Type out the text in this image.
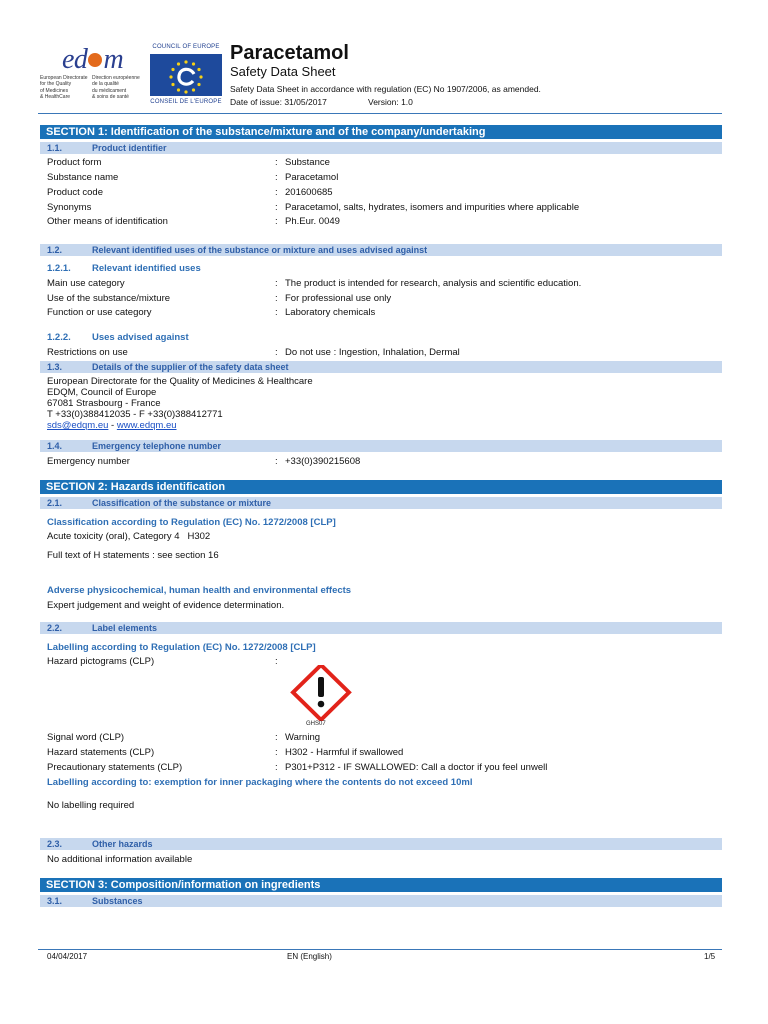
ed m
European Directorate
for the Quality
of Medicines
& HealthCare
Direction européenne
de la qualité
du médicament
& soins de santé
COUNCIL OF EUROPE
CONSEIL DE L'EUROPE
Paracetamol
Safety Data Sheet
Safety Data Sheet in accordance with regulation (EC) No 1907/2006, as amended.
Date of issue: 31/05/2017	Version: 1.0
SECTION 1: Identification of the substance/mixture and of the company/undertaking
1.1.	Product identifier
Product form	: Substance
Substance name	: Paracetamol
Product code	: 201600685
Synonyms	: Paracetamol, salts, hydrates, isomers and impurities where applicable
Other means of identification	: Ph.Eur. 0049
1.2.	Relevant identified uses of the substance or mixture and uses advised against
1.2.1. Relevant identified uses
Main use category	: The product is intended for research, analysis and scientific education.
Use of the substance/mixture	: For professional use only
Function or use category	: Laboratory chemicals
1.2.2. Uses advised against
Restrictions on use	: Do not use : Ingestion, Inhalation, Dermal
1.3.	Details of the supplier of the safety data sheet
European Directorate for the Quality of Medicines & Healthcare
EDQM, Council of Europe
67081 Strasbourg - France
T +33(0)388412035 - F +33(0)388412771
sds@edqm.eu - www.edqm.eu
1.4.	Emergency telephone number
Emergency number	: +33(0)390215608
SECTION 2: Hazards identification
2.1.	Classification of the substance or mixture
Classification according to Regulation (EC) No. 1272/2008 [CLP]
Acute toxicity (oral), Category 4 H302
Full text of H statements : see section 16
Adverse physicochemical, human health and environmental effects
Expert judgement and weight of evidence determination.
2.2.	Label elements
Labelling according to Regulation (EC) No. 1272/2008 [CLP]
Hazard pictograms (CLP)	:
GHS07
Signal word (CLP)	: Warning
Hazard statements (CLP)	: H302 - Harmful if swallowed
Precautionary statements (CLP)	: P301+P312 - IF SWALLOWED: Call a doctor if you feel unwell
Labelling according to: exemption for inner packaging where the contents do not exceed 10ml
No labelling required
2.3.	Other hazards
No additional information available
SECTION 3: Composition/information on ingredients
3.1.	Substances
04/04/2017	EN (English)	1/5
